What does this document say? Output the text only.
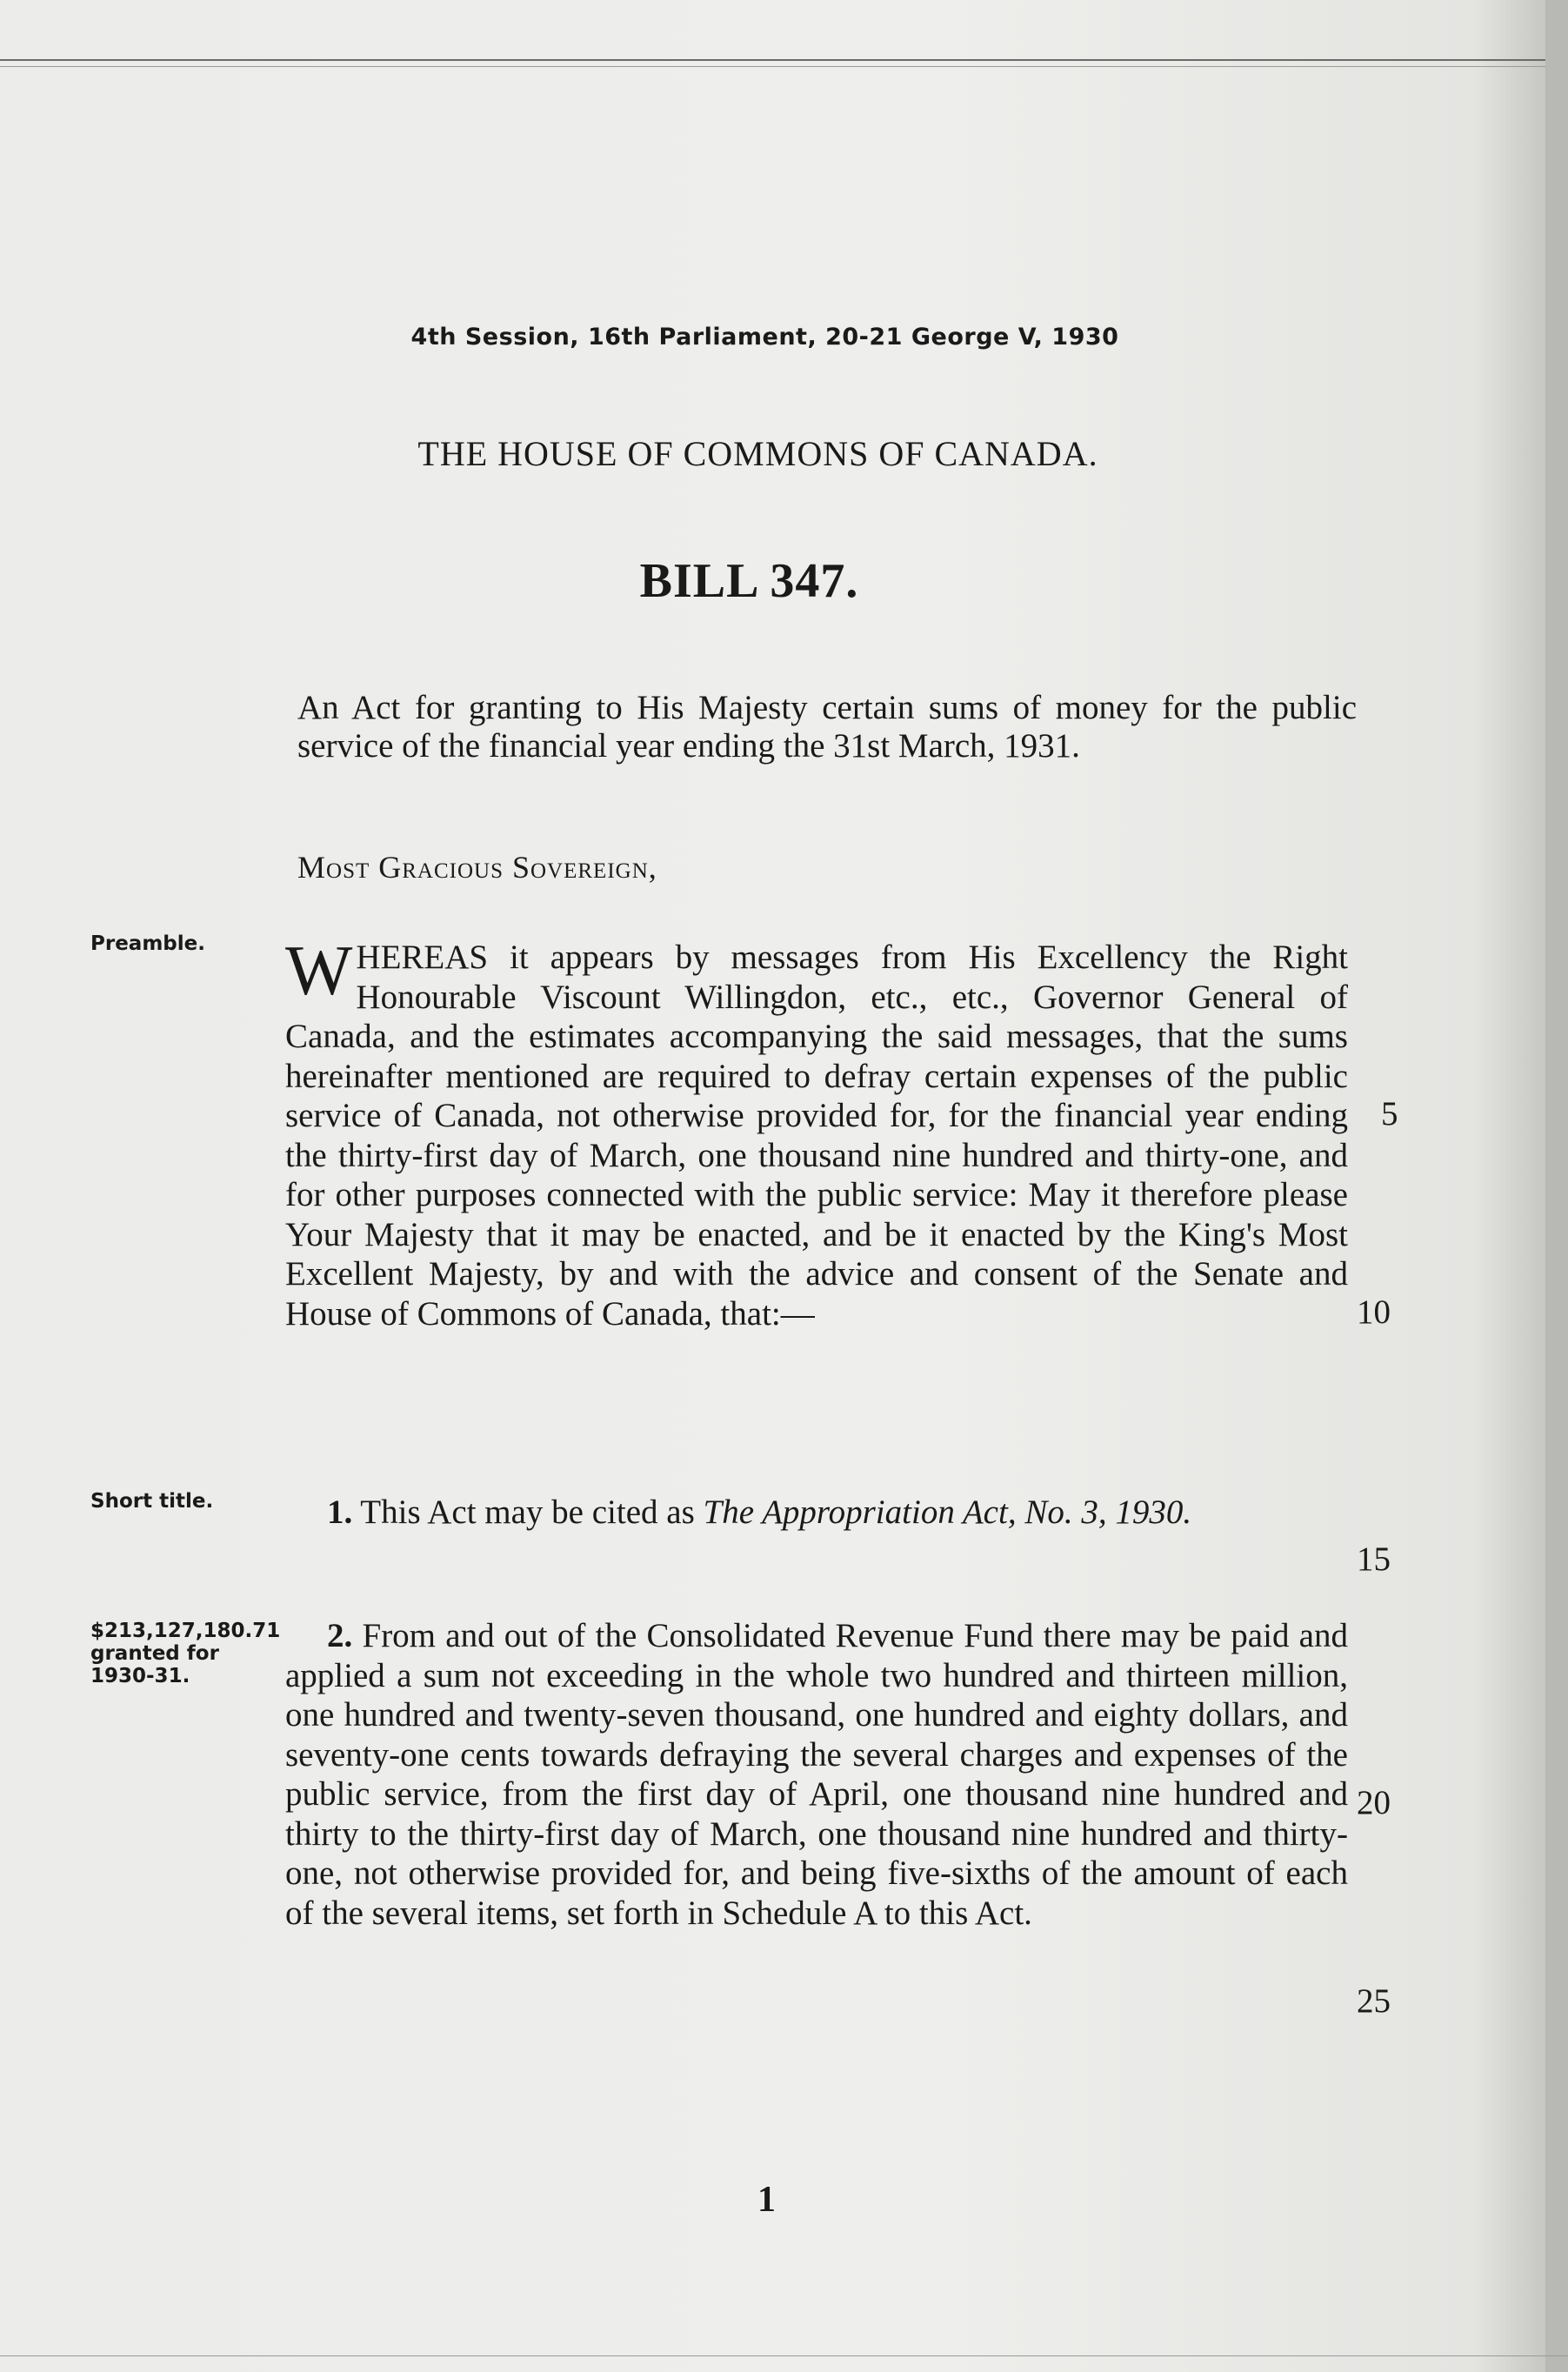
4th Session, 16th Parliament, 20-21 George V, 1930
THE HOUSE OF COMMONS OF CANADA.
BILL 347.
An Act for granting to His Majesty certain sums of money for the public service of the financial year ending the 31st March, 1931.
Most Gracious Sovereign,
Preamble.	WHEREAS it appears by messages from His Excellency the Right Honourable Viscount Willingdon, etc., etc., Governor General of Canada, and the estimates accompanying the said messages, that the sums hereinafter mentioned are required to defray certain expenses of the public service of Canada, not otherwise provided for, for the financial year ending the thirty-first day of March, one thousand nine hundred and thirty-one, and for other purposes connected with the public service: May it therefore please Your Majesty that it may be enacted, and be it enacted by the King's Most Excellent Majesty, by and with the advice and consent of the Senate and House of Commons of Canada, that:—
Short title.	1. This Act may be cited as The Appropriation Act, No. 3, 1930.
$213,127,180.71 granted for 1930-31.
2. From and out of the Consolidated Revenue Fund there may be paid and applied a sum not exceeding in the whole two hundred and thirteen million, one hundred and twenty-seven thousand, one hundred and eighty dollars, and seventy-one cents towards defraying the several charges and expenses of the public service, from the first day of April, one thousand nine hundred and thirty to the thirty-first day of March, one thousand nine hundred and thirty-one, not otherwise provided for, and being five-sixths of the amount of each of the several items, set forth in Schedule A to this Act.
5
10
15
20
25
1
